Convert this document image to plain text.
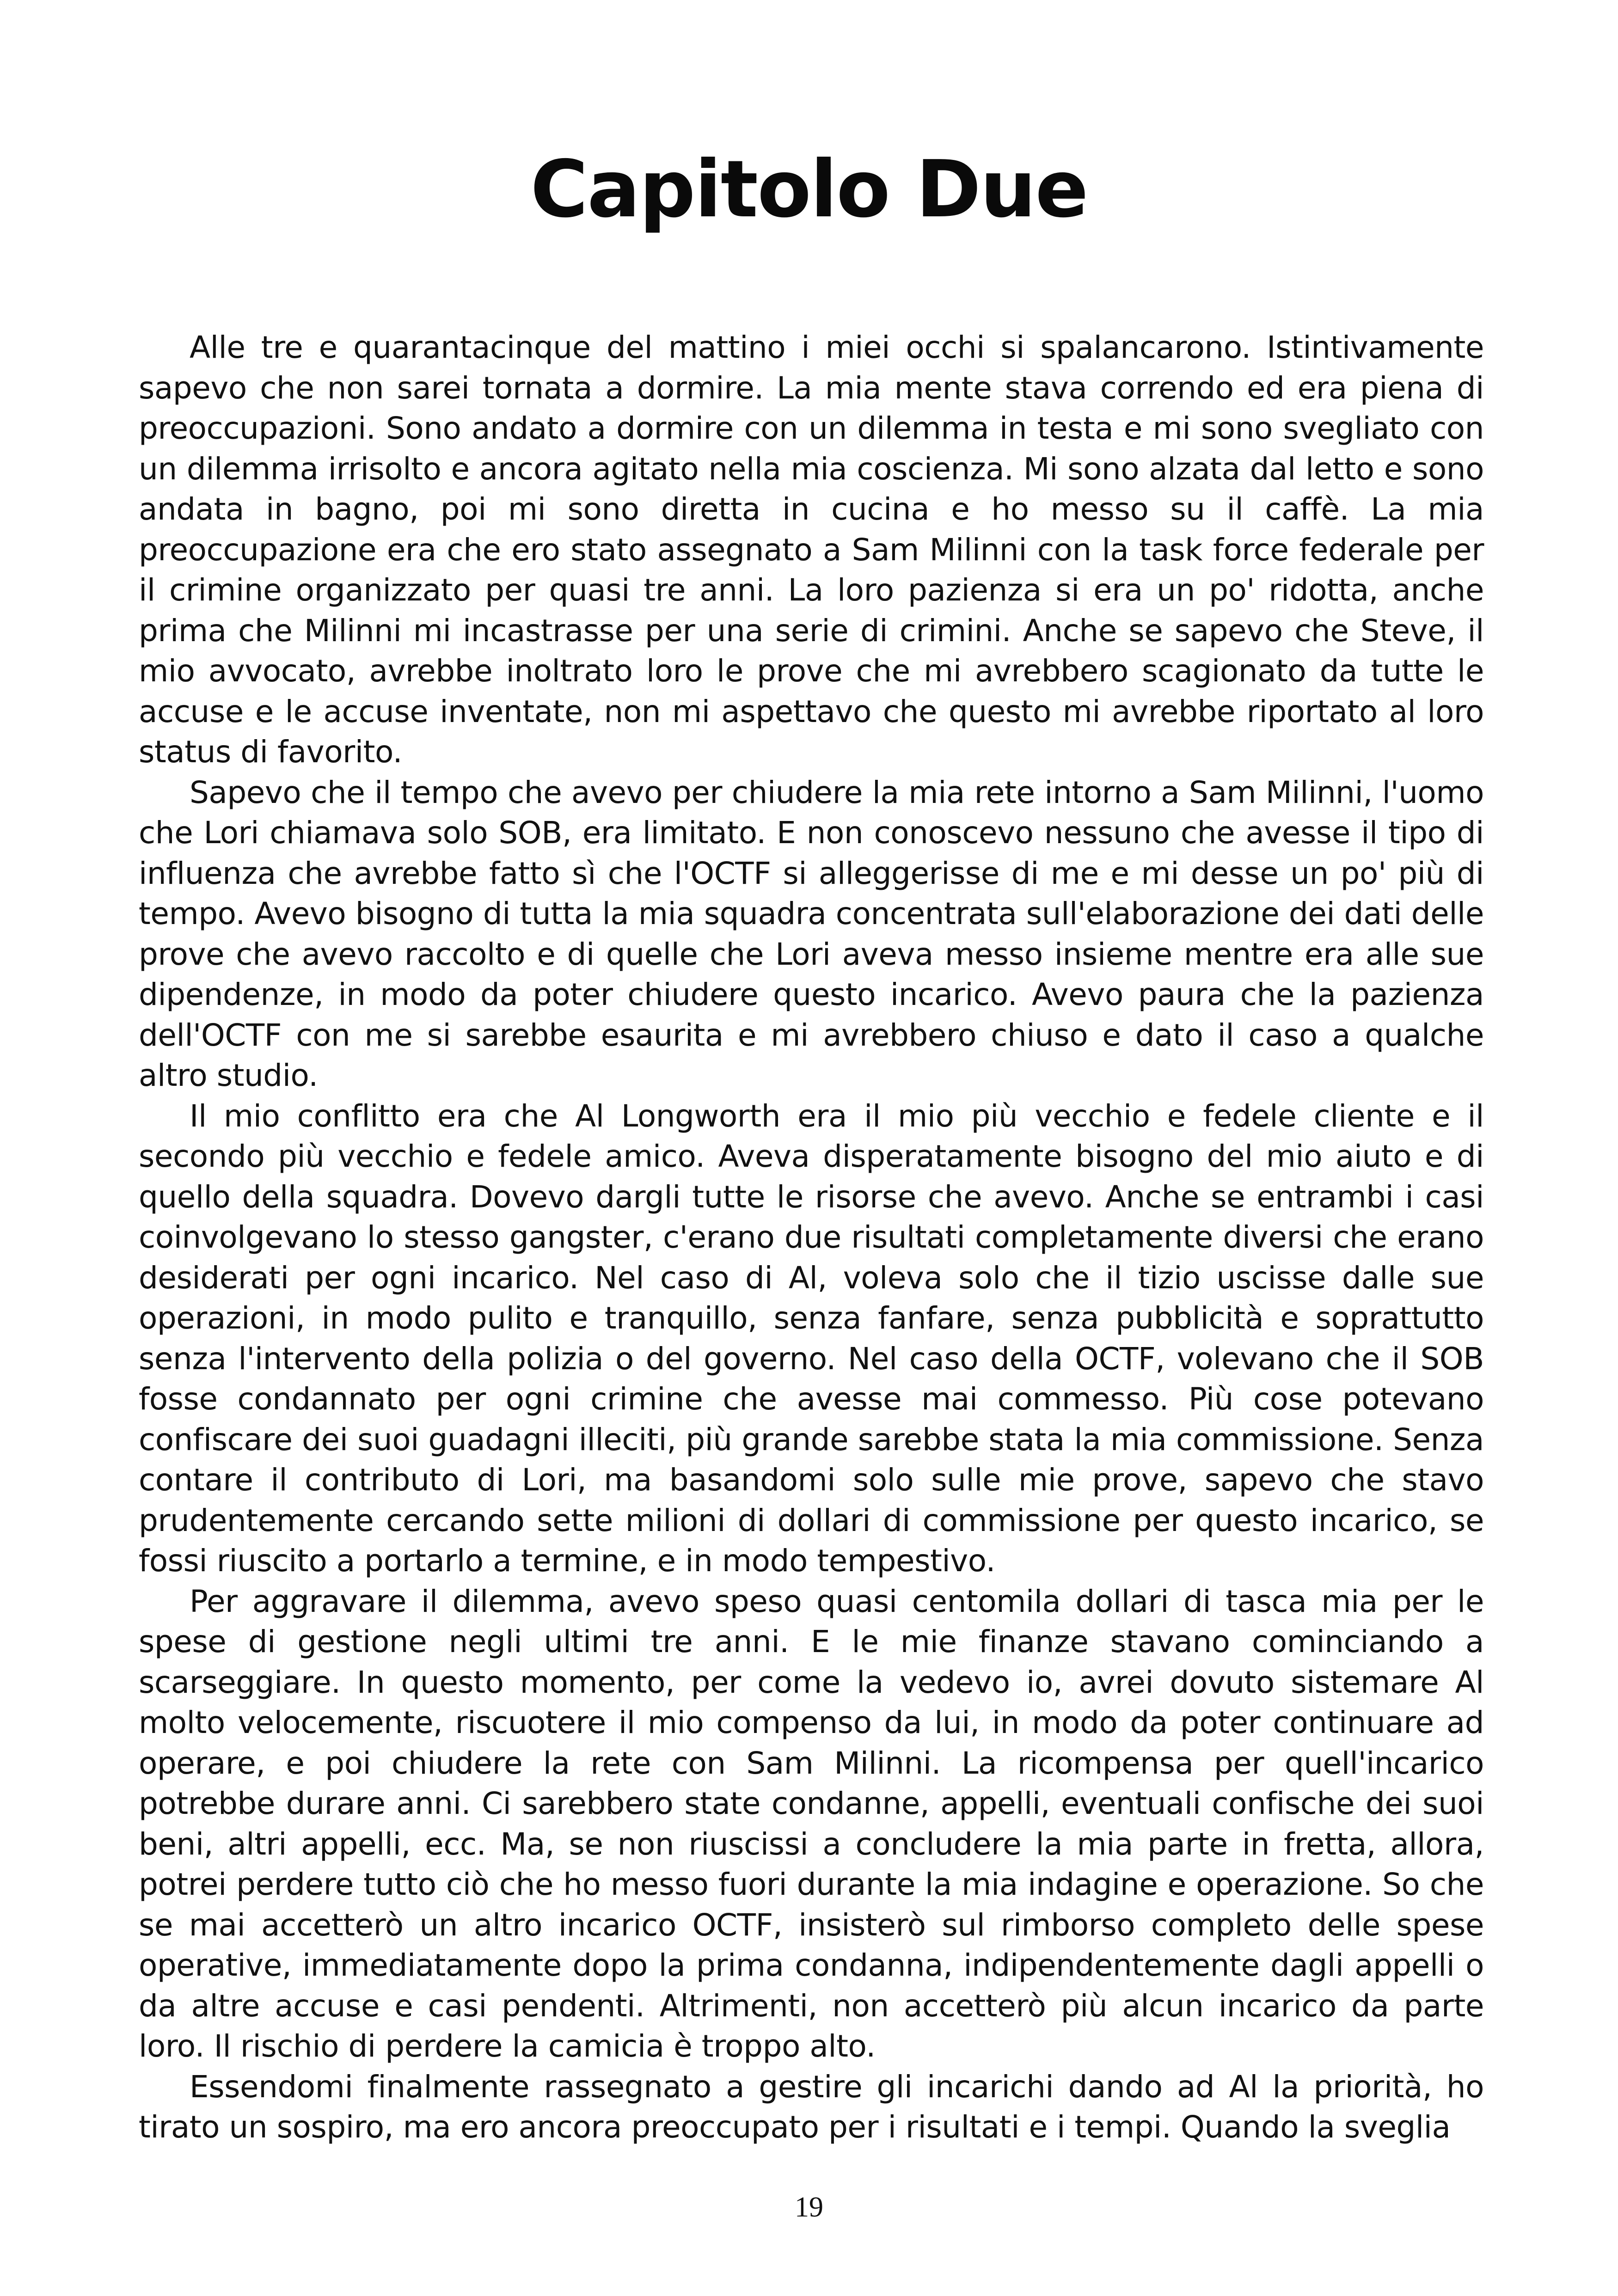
Capitolo Due

Alle tre e quarantacinque del mattino i miei occhi si spalancarono. Istintivamente sapevo che non sarei tornata a dormire. La mia mente stava correndo ed era piena di preoccupazioni. Sono andato a dormire con un dilemma in testa e mi sono svegliato con un dilemma irrisolto e ancora agitato nella mia coscienza. Mi sono alzata dal letto e sono andata in bagno, poi mi sono diretta in cucina e ho messo su il caffè. La mia preoccupazione era che ero stato assegnato a Sam Milinni con la task force federale per il crimine organizzato per quasi tre anni. La loro pazienza si era un po' ridotta, anche prima che Milinni mi incastrasse per una serie di crimini. Anche se sapevo che Steve, il mio avvocato, avrebbe inoltrato loro le prove che mi avrebbero scagionato da tutte le accuse e le accuse inventate, non mi aspettavo che questo mi avrebbe riportato al loro status di favorito.

Sapevo che il tempo che avevo per chiudere la mia rete intorno a Sam Milinni, l'uomo che Lori chiamava solo SOB, era limitato. E non conoscevo nessuno che avesse il tipo di influenza che avrebbe fatto sì che l'OCTF si alleggerisse di me e mi desse un po' più di tempo. Avevo bisogno di tutta la mia squadra concentrata sull'elaborazione dei dati delle prove che avevo raccolto e di quelle che Lori aveva messo insieme mentre era alle sue dipendenze, in modo da poter chiudere questo incarico. Avevo paura che la pazienza dell'OCTF con me si sarebbe esaurita e mi avrebbero chiuso e dato il caso a qualche altro studio.

Il mio conflitto era che Al Longworth era il mio più vecchio e fedele cliente e il secondo più vecchio e fedele amico. Aveva disperatamente bisogno del mio aiuto e di quello della squadra. Dovevo dargli tutte le risorse che avevo. Anche se entrambi i casi coinvolgevano lo stesso gangster, c'erano due risultati completamente diversi che erano desiderati per ogni incarico. Nel caso di Al, voleva solo che il tizio uscisse dalle sue operazioni, in modo pulito e tranquillo, senza fanfare, senza pubblicità e soprattutto senza l'intervento della polizia o del governo. Nel caso della OCTF, volevano che il SOB fosse condannato per ogni crimine che avesse mai commesso. Più cose potevano confiscare dei suoi guadagni illeciti, più grande sarebbe stata la mia commissione. Senza contare il contributo di Lori, ma basandomi solo sulle mie prove, sapevo che stavo prudentemente cercando sette milioni di dollari di commissione per questo incarico, se fossi riuscito a portarlo a termine, e in modo tempestivo.

Per aggravare il dilemma, avevo speso quasi centomila dollari di tasca mia per le spese di gestione negli ultimi tre anni. E le mie finanze stavano cominciando a scarseggiare. In questo momento, per come la vedevo io, avrei dovuto sistemare Al molto velocemente, riscuotere il mio compenso da lui, in modo da poter continuare ad operare, e poi chiudere la rete con Sam Milinni. La ricompensa per quell'incarico potrebbe durare anni. Ci sarebbero state condanne, appelli, eventuali confische dei suoi beni, altri appelli, ecc. Ma, se non riuscissi a concludere la mia parte in fretta, allora, potrei perdere tutto ciò che ho messo fuori durante la mia indagine e operazione. So che se mai accetterò un altro incarico OCTF, insisterò sul rimborso completo delle spese operative, immediatamente dopo la prima condanna, indipendentemente dagli appelli o da altre accuse e casi pendenti. Altrimenti, non accetterò più alcun incarico da parte loro. Il rischio di perdere la camicia è troppo alto.

Essendomi finalmente rassegnato a gestire gli incarichi dando ad Al la priorità, ho tirato un sospiro, ma ero ancora preoccupato per i risultati e i tempi. Quando la sveglia

19
